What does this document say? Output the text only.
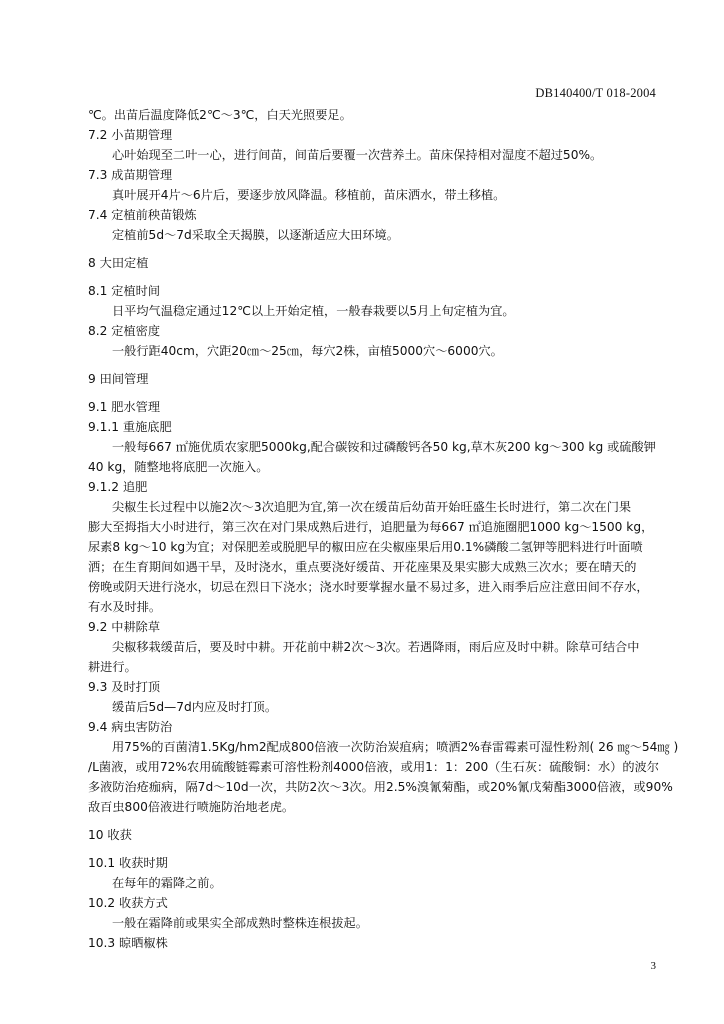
DB140400/T 018-2004
℃。出苗后温度降低2℃～3℃，白天光照要足。
7.2 小苗期管理
心叶始现至二叶一心，进行间苗，间苗后要覆一次营养土。苗床保持相对湿度不超过50%。
7.3 成苗期管理
真叶展开4片～6片后，要逐步放风降温。移植前，苗床洒水，带土移植。
7.4 定植前秧苗锻炼
定植前5d～7d采取全天揭膜，以逐渐适应大田环境。
8 大田定植
8.1 定植时间
日平均气温稳定通过12℃以上开始定植，一般春栽要以5月上旬定植为宜。
8.2 定植密度
一般行距40cm，穴距20㎝～25㎝，每穴2株，亩植5000穴～6000穴。
9 田间管理
9.1 肥水管理
9.1.1 重施底肥
一般每667 ㎡施优质农家肥5000kg,配合碳铵和过磷酸钙各50 kg,草木灰200 kg～300 kg 或硫酸钾
40 kg，随整地将底肥一次施入。
9.1.2 追肥
尖椒生长过程中以施2次～3次追肥为宜,第一次在缓苗后幼苗开始旺盛生长时进行，第二次在门果
膨大至拇指大小时进行，第三次在对门果成熟后进行，追肥量为每667 ㎡追施圈肥1000 kg～1500 kg，
尿素8 kg～10 kg为宜；对保肥差或脱肥早的椒田应在尖椒座果后用0.1%磷酸二氢钾等肥料进行叶面喷
洒；在生育期间如遇干旱，及时浇水，重点要浇好缓苗、开花座果及果实膨大成熟三次水；要在晴天的
傍晚或阴天进行浇水，切忌在烈日下浇水；浇水时要掌握水量不易过多，进入雨季后应注意田间不存水，
有水及时排。
9.2 中耕除草
尖椒移栽缓苗后，要及时中耕。开花前中耕2次～3次。若遇降雨，雨后应及时中耕。除草可结合中
耕进行。
9.3 及时打顶
缓苗后5d—7d内应及时打顶。
9.4 病虫害防治
用75%的百菌清1.5Kg/hm2配成800倍液一次防治炭疽病；喷洒2%春雷霉素可湿性粉剂( 26 ㎎～54㎎ )
/L菌液，或用72%农用硫酸链霉素可溶性粉剂4000倍液，或用1：1：200（生石灰：硫酸铜：水）的波尔
多液防治疮痂病，隔7d～10d一次，共防2次～3次。用2.5%溴氰菊酯，或20%氰戊菊酯3000倍液，或90%
敌百虫800倍液进行喷施防治地老虎。
10 收获
10.1 收获时期
在每年的霜降之前。
10.2 收获方式
一般在霜降前或果实全部成熟时整株连根拔起。
10.3 晾晒椒株
3
